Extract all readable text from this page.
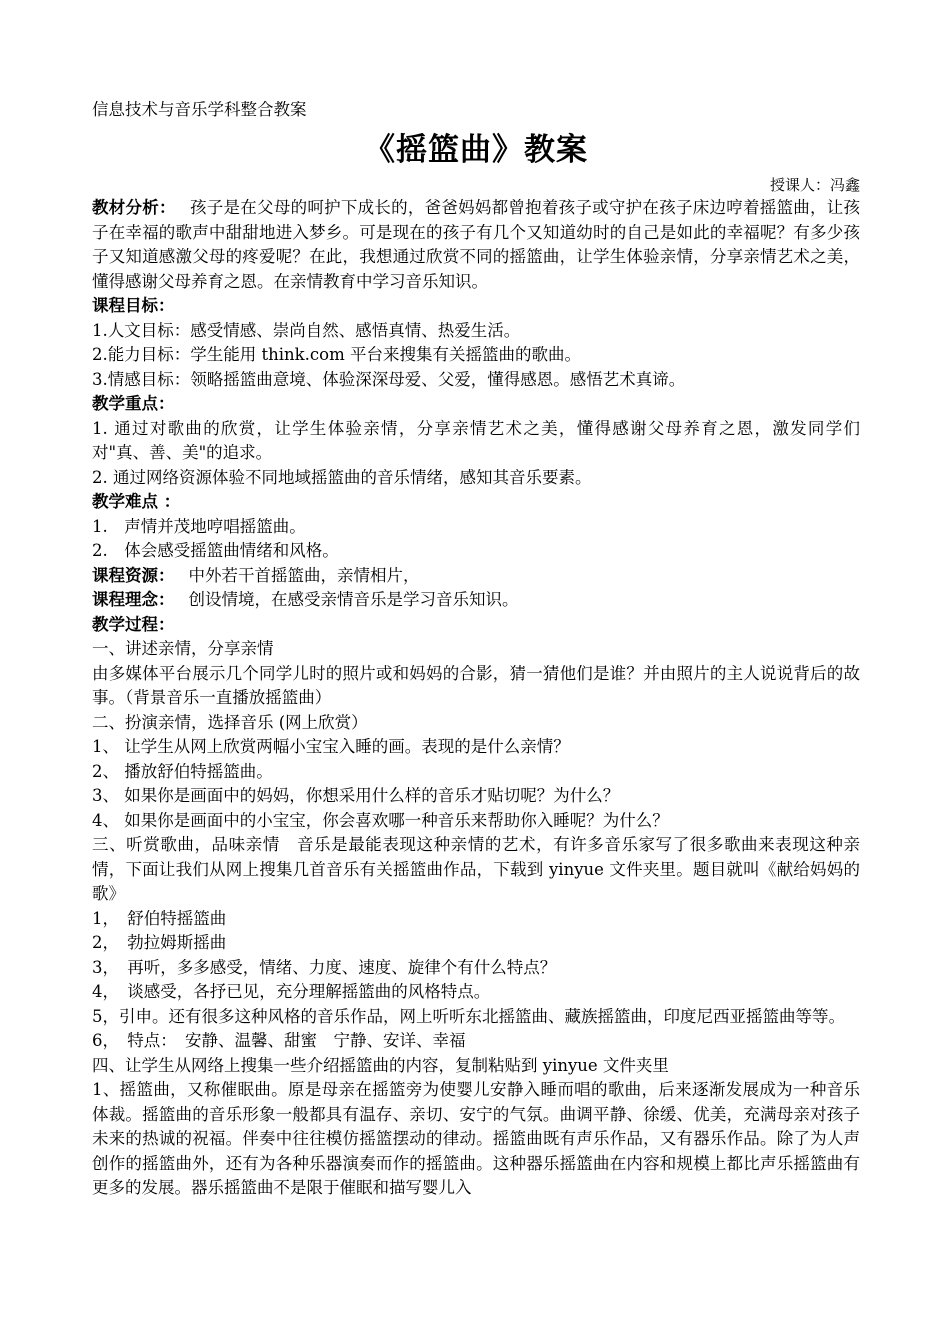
信息技术与音乐学科整合教案

《摇篮曲》教案

授课人：冯鑫

教材分析： 孩子是在父母的呵护下成长的，爸爸妈妈都曾抱着孩子或守护在孩子床边哼着摇篮曲，让孩子在幸福的歌声中甜甜地进入梦乡。可是现在的孩子有几个又知道幼时的自己是如此的幸福呢？有多少孩子又知道感激父母的疼爱呢？在此，我想通过欣赏不同的摇篮曲，让学生体验亲情，分享亲情艺术之美，懂得感谢父母养育之恩。在亲情教育中学习音乐知识。

课程目标：

1.人文目标：感受情感、崇尚自然、感悟真情、热爱生活。

2.能力目标：学生能用 think.com 平台来搜集有关摇篮曲的歌曲。

3.情感目标：领略摇篮曲意境、体验深深母爱、父爱，懂得感恩。感悟艺术真谛。

教学重点：

1. 通过对歌曲的欣赏，让学生体验亲情，分享亲情艺术之美，懂得感谢父母养育之恩，激发同学们对"真、善、美"的追求。

2. 通过网络资源体验不同地域摇篮曲的音乐情绪，感知其音乐要素。

教学难点 ：

1.　声情并茂地哼唱摇篮曲。

2.　体会感受摇篮曲情绪和风格。

课程资源： 中外若干首摇篮曲，亲情相片，

课程理念： 创设情境，在感受亲情音乐是学习音乐知识。

教学过程：

一、讲述亲情，分享亲情

由多媒体平台展示几个同学儿时的照片或和妈妈的合影，猜一猜他们是谁？并由照片的主人说说背后的故事。（背景音乐一直播放摇篮曲）

二、扮演亲情，选择音乐 (网上欣赏）

1、 让学生从网上欣赏两幅小宝宝入睡的画。表现的是什么亲情？

2、 播放舒伯特摇篮曲。

3、 如果你是画面中的妈妈，你想采用什么样的音乐才贴切呢？为什么？

4、 如果你是画面中的小宝宝，你会喜欢哪一种音乐来帮助你入睡呢？为什么？

三、听赏歌曲，品味亲情　音乐是最能表现这种亲情的艺术，有许多音乐家写了很多歌曲来表现这种亲情，下面让我们从网上搜集几首音乐有关摇篮曲作品，下载到 yinyue 文件夹里。题目就叫《献给妈妈的歌》

1，　舒伯特摇篮曲

2，　勃拉姆斯摇曲

3，　再听，多多感受，情绪、力度、速度、旋律个有什么特点？

4，　谈感受，各抒已见，充分理解摇篮曲的风格特点。

5，引申。还有很多这种风格的音乐作品，网上听听东北摇篮曲、藏族摇篮曲，印度尼西亚摇篮曲等等。

6，　特点：　安静、温馨、甜蜜　宁静、安详、幸福

四、让学生从网络上搜集一些介绍摇篮曲的内容，复制粘贴到 yinyue 文件夹里

1、摇篮曲，又称催眠曲。原是母亲在摇篮旁为使婴儿安静入睡而唱的歌曲，后来逐渐发展成为一种音乐体裁。摇篮曲的音乐形象一般都具有温存、亲切、安宁的气氛。曲调平静、徐缓、优美，充满母亲对孩子未来的热诚的祝福。伴奏中往往模仿摇篮摆动的律动。摇篮曲既有声乐作品，又有器乐作品。除了为人声创作的摇篮曲外，还有为各种乐器演奏而作的摇篮曲。这种器乐摇篮曲在内容和规模上都比声乐摇篮曲有更多的发展。器乐摇篮曲不是限于催眠和描写婴儿入
